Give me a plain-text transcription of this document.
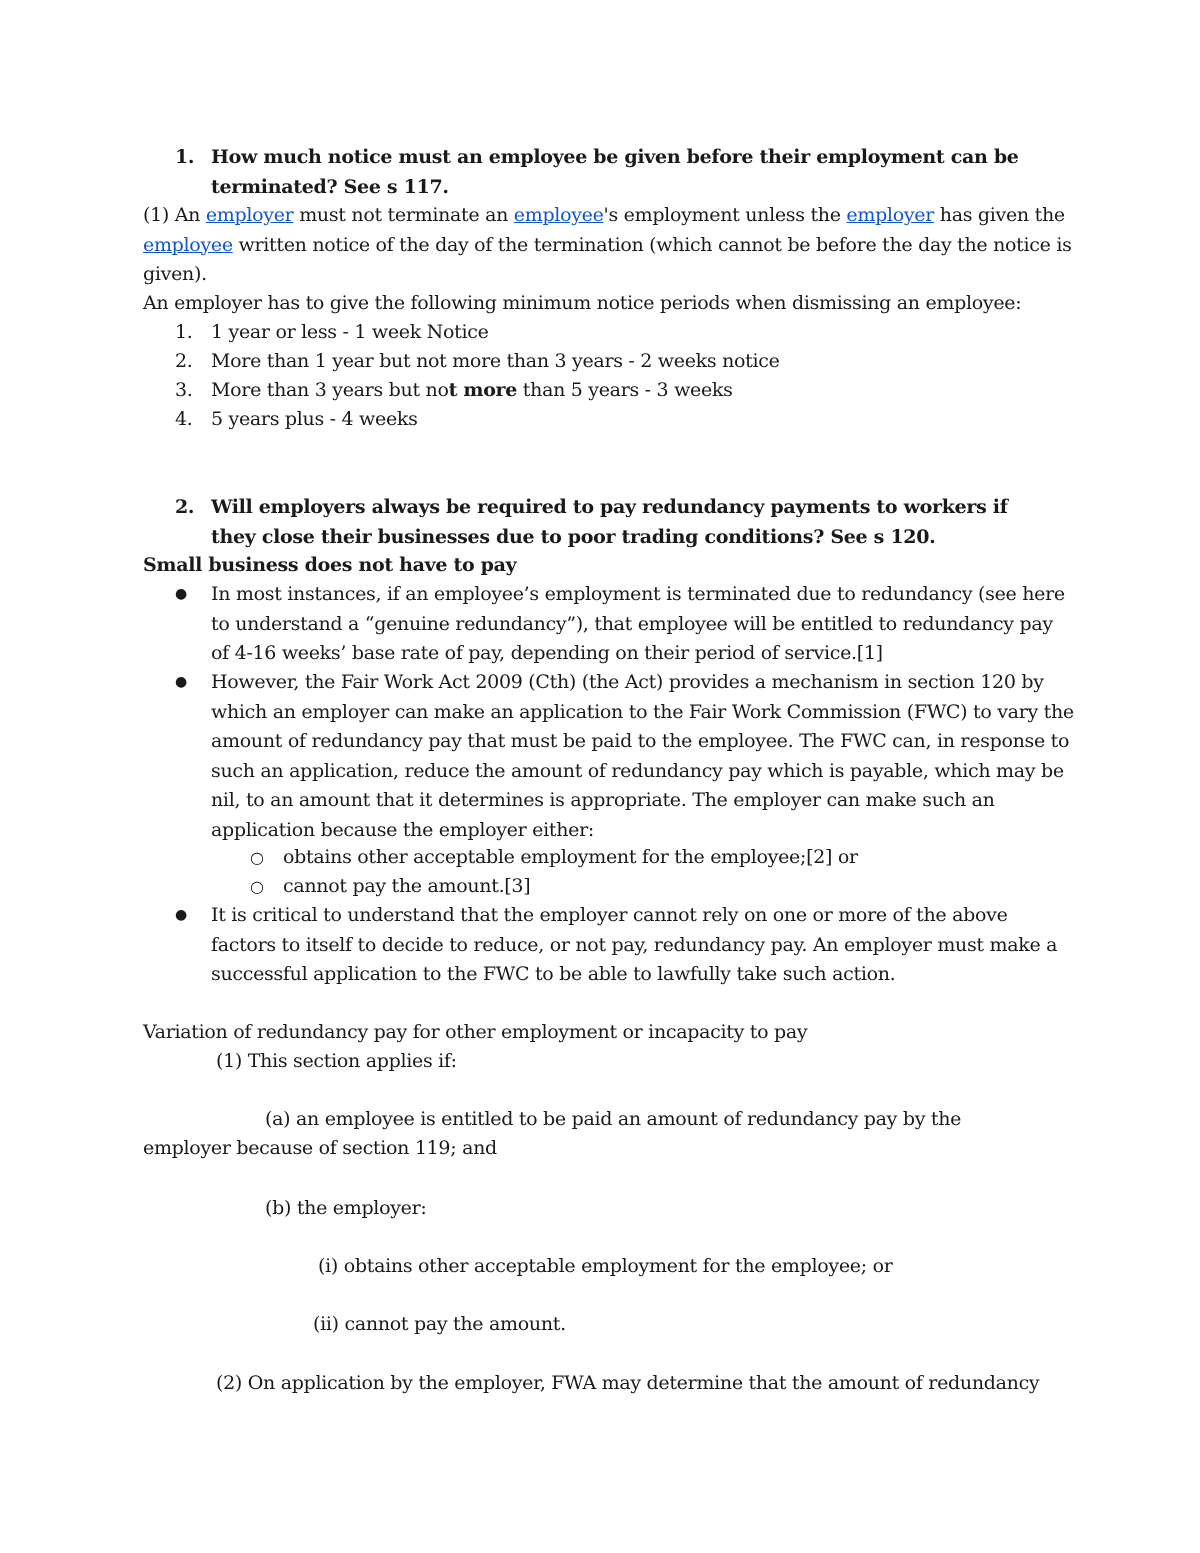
1. How much notice must an employee be given before their employment can be terminated? See s 117.
(1) An employer must not terminate an employee's employment unless the employer has given the employee written notice of the day of the termination (which cannot be before the day the notice is given).
An employer has to give the following minimum notice periods when dismissing an employee:
1. 1 year or less - 1 week Notice
2. More than 1 year but not more than 3 years - 2 weeks notice
3. More than 3 years but not more than 5 years - 3 weeks
4. 5 years plus - 4 weeks
2. Will employers always be required to pay redundancy payments to workers if they close their businesses due to poor trading conditions? See s 120.
Small business does not have to pay
● In most instances, if an employee’s employment is terminated due to redundancy (see here to understand a “genuine redundancy”), that employee will be entitled to redundancy pay of 4-16 weeks’ base rate of pay, depending on their period of service.[1]
● However, the Fair Work Act 2009 (Cth) (the Act) provides a mechanism in section 120 by which an employer can make an application to the Fair Work Commission (FWC) to vary the amount of redundancy pay that must be paid to the employee. The FWC can, in response to such an application, reduce the amount of redundancy pay which is payable, which may be nil, to an amount that it determines is appropriate. The employer can make such an application because the employer either:
○ obtains other acceptable employment for the employee;[2] or
○ cannot pay the amount.[3]
● It is critical to understand that the employer cannot rely on one or more of the above factors to itself to decide to reduce, or not pay, redundancy pay. An employer must make a successful application to the FWC to be able to lawfully take such action.
Variation of redundancy pay for other employment or incapacity to pay
(1) This section applies if:
(a) an employee is entitled to be paid an amount of redundancy pay by the
employer because of section 119; and
(b) the employer:
(i) obtains other acceptable employment for the employee; or
(ii) cannot pay the amount.
(2) On application by the employer, FWA may determine that the amount of redundancy
